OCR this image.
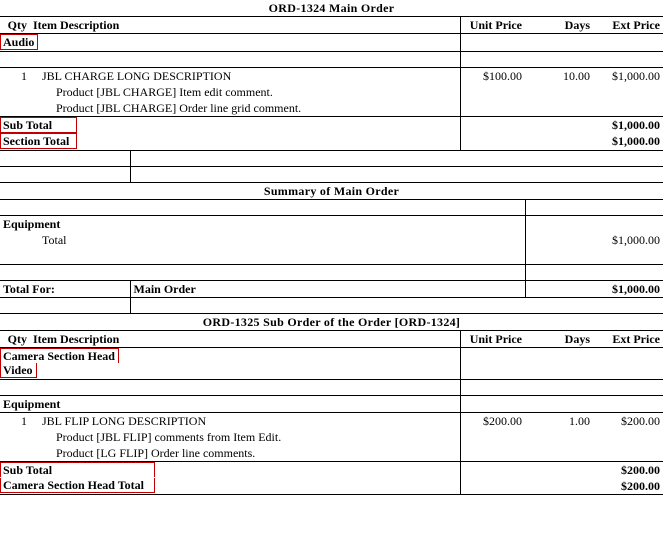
ORD-1324 Main Order					
Qty	Item Description		Unit Price	Days	Ext Price
Audio					

1	JBL CHARGE LONG DESCRIPTION		$100.00	10.00	$1,000.00
	Product [JBL CHARGE] Item edit comment.				
	Product [JBL CHARGE] Order line grid comment.				
Sub Total					$1,000.00
Section Total					$1,000.00

Summary of Main Order			

Equipment			
	Total		$1,000.00

Total For:		Main Order	$1,000.00

ORD-1325 Sub Order of the Order [ORD-1324]				
Qty	Item Description	Unit Price	Days	Ext Price
Camera Section Head				
Video				

Equipment				
1	JBL FLIP LONG DESCRIPTION	$200.00	1.00	$200.00
	Product [JBL FLIP] comments from Item Edit.			
	Product [LG FLIP] Order line comments.			
Sub Total				$200.00
Camera Section Head Total				$200.00
